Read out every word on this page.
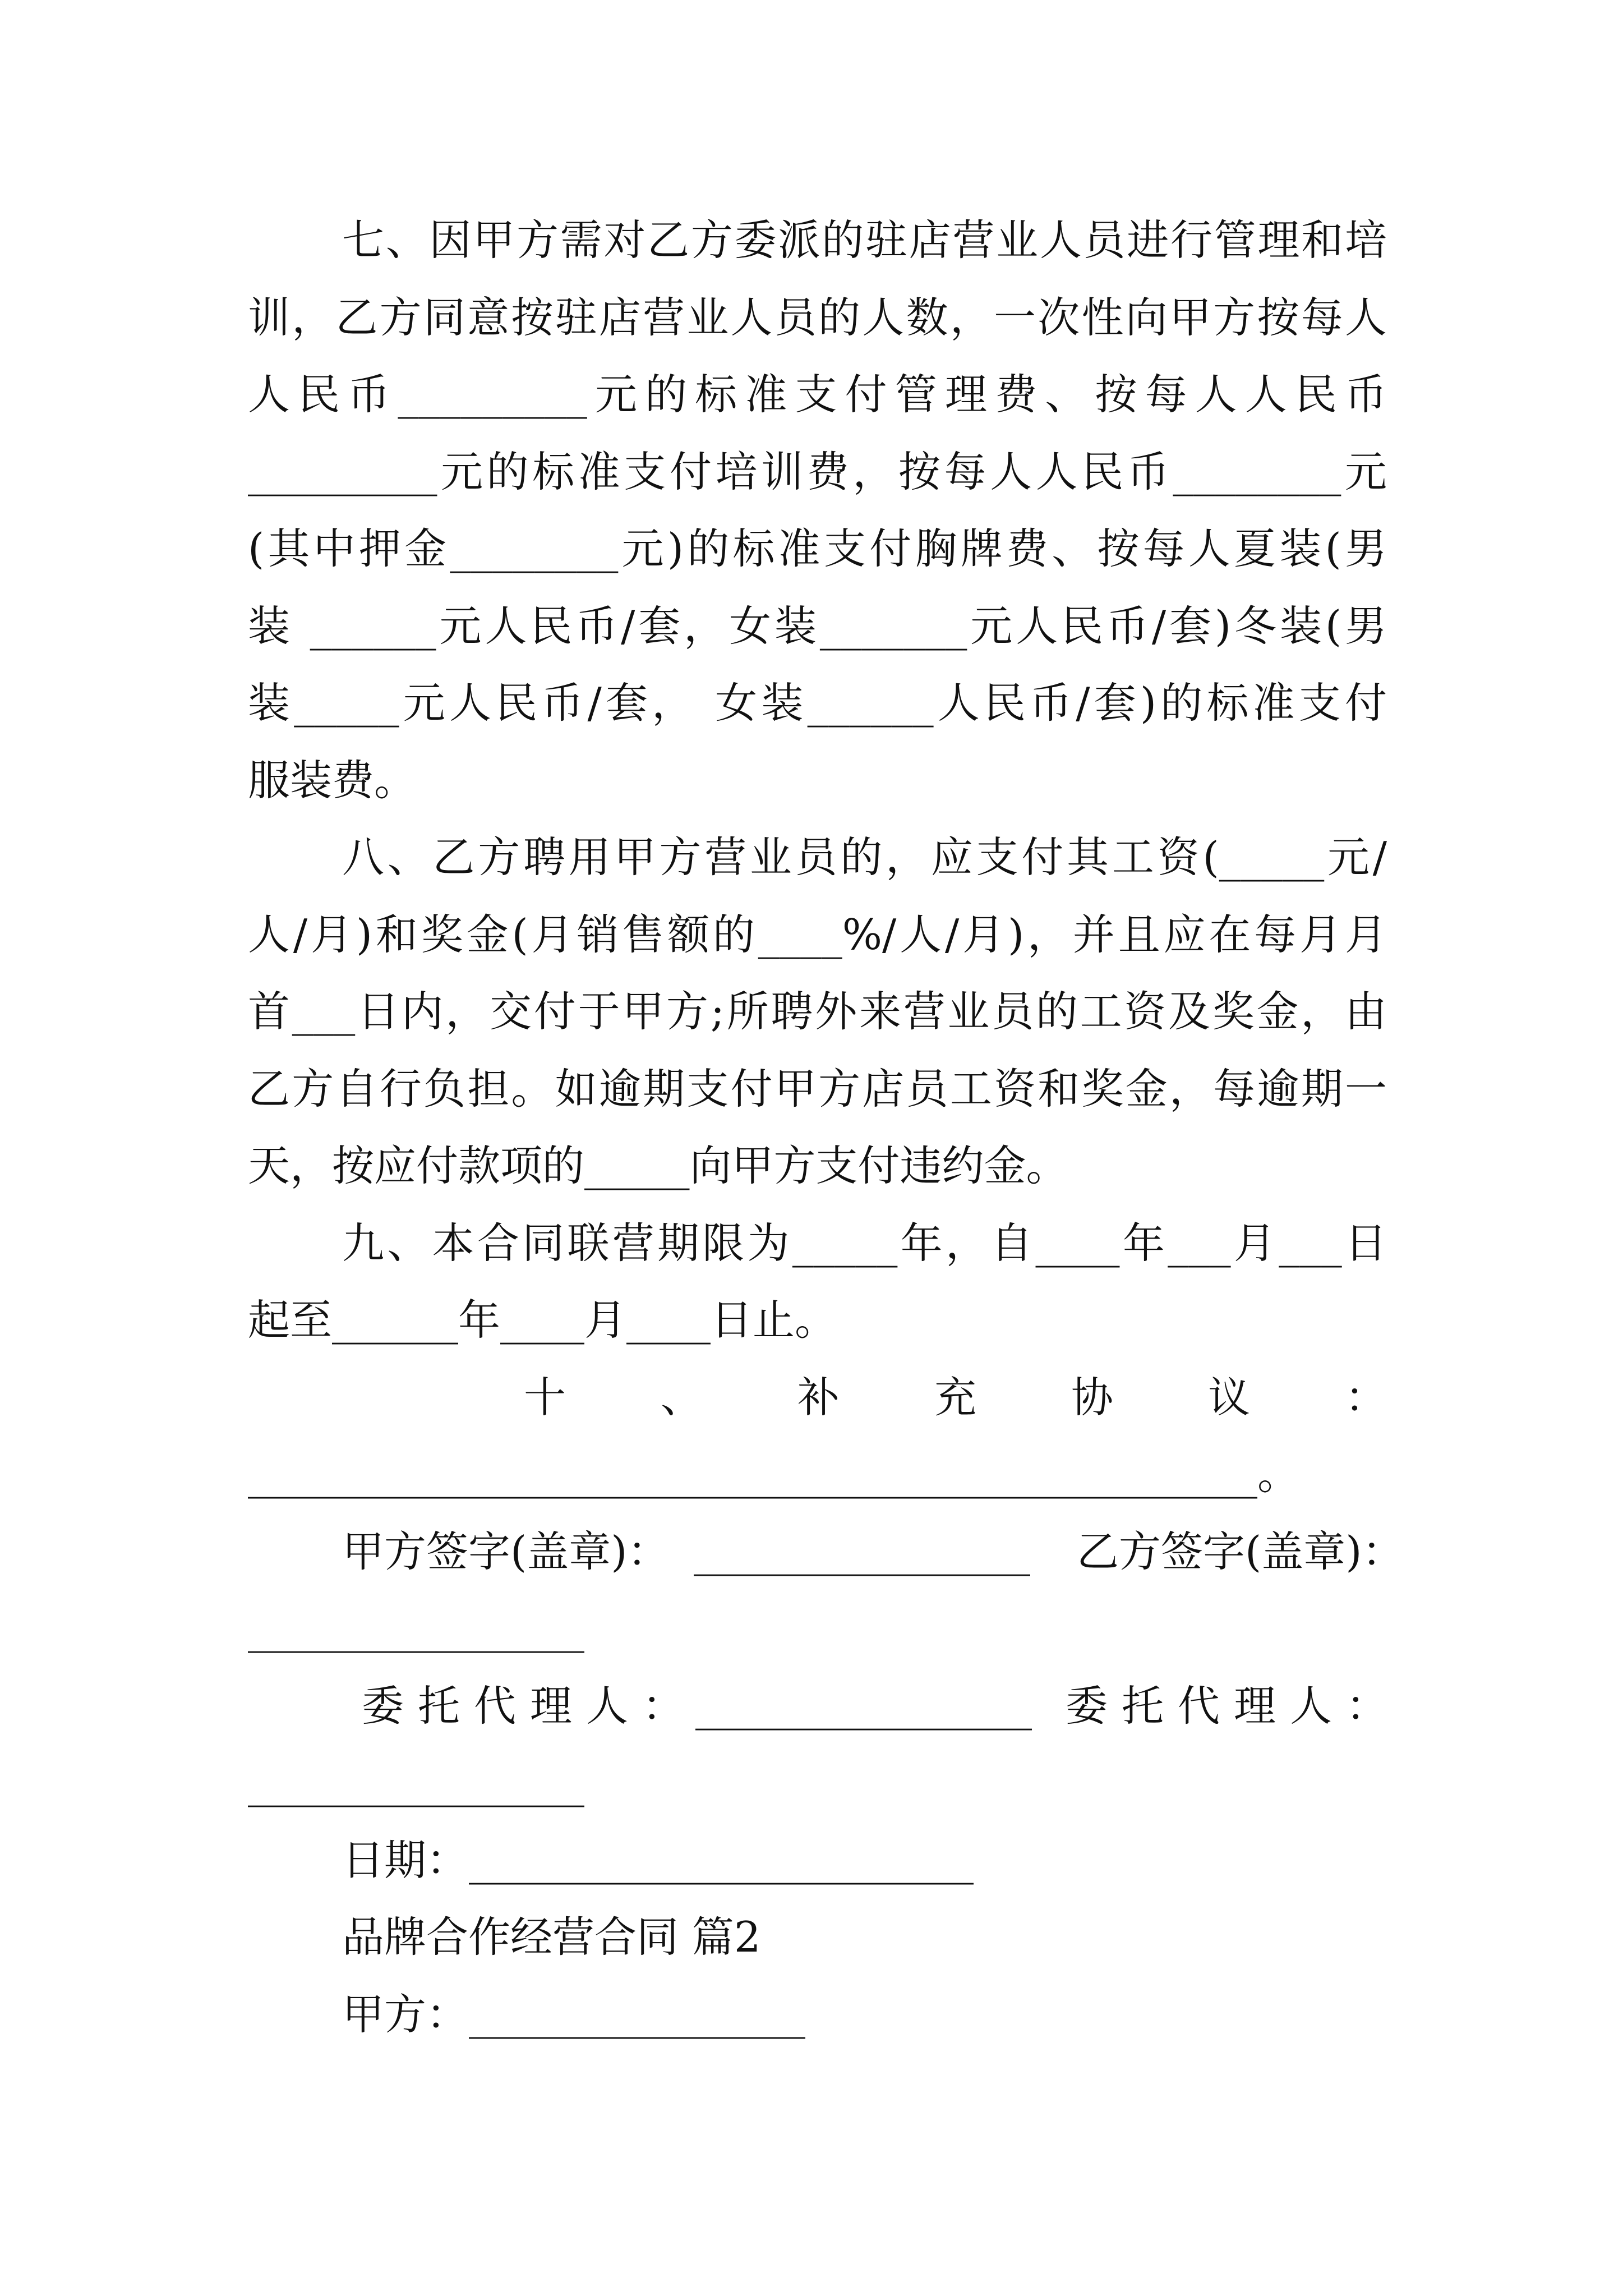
七、因甲方需对乙方委派的驻店营业人员进行管理和培
训，乙方同意按驻店营业人员的人数，一次性向甲方按每人
人民币_________元的标准支付管理费、按每人人民币
_________元的标准支付培训费，按每人人民币________元
(其中押金________元)的标准支付胸牌费、按每人夏装(男
装 ______元人民币/套，女装_______元人民币/套)冬装(男
装_____元人民币/套， 女装______人民币/套)的标准支付
服装费。
八、乙方聘用甲方营业员的，应支付其工资(_____元/
人/月)和奖金(月销售额的____%/人/月)，并且应在每月月
首___日内，交付于甲方;所聘外来营业员的工资及奖金，由
乙方自行负担。如逾期支付甲方店员工资和奖金，每逾期一
天，按应付款项的_____向甲方支付违约金。
九、本合同联营期限为_____年，自____年___月___日
起至______年____月____日止。
十、补充协议：
________________________________________________。
甲方签字(盖章)： ________________ 乙方签字(盖章)：
________________
委托代理人：
________________ 委托代理人：
________________
日期： ________________________
品牌合作经营合同 篇2
甲方： ________________
